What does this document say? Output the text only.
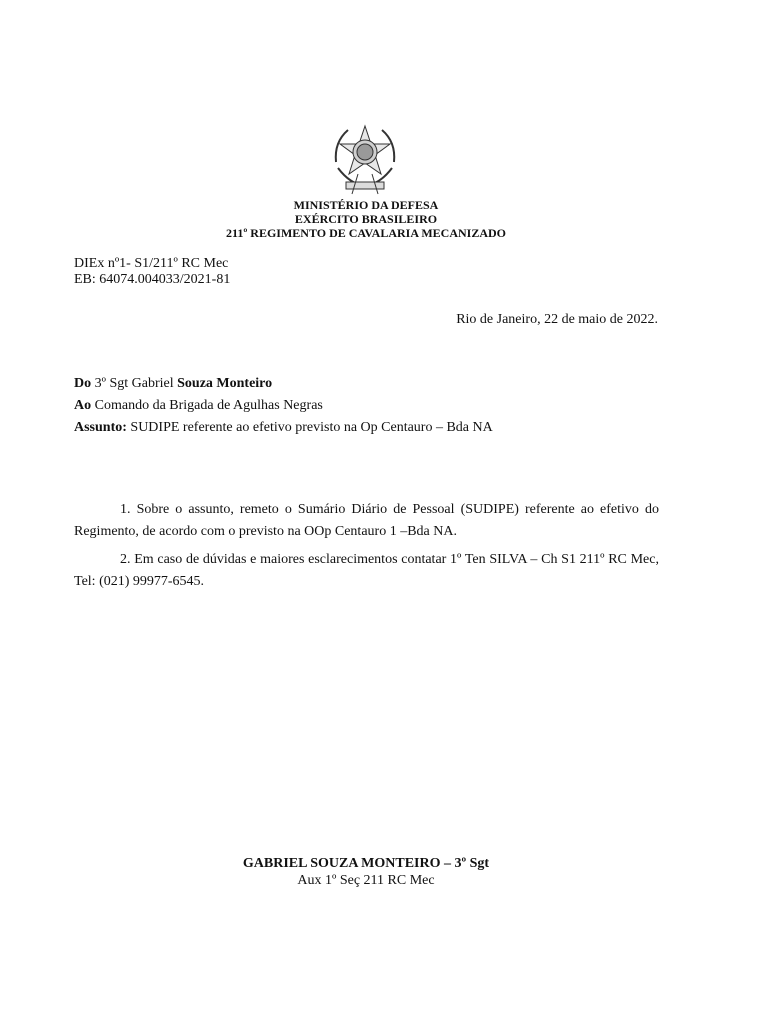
MINISTÉRIO DA DEFESA
EXÉRCITO BRASILEIRO
211º REGIMENTO DE CAVALARIA MECANIZADO
DIEx nº1- S1/211º RC Mec
EB: 64074.004033/2021-81
Rio de Janeiro, 22 de maio de 2022.
Do 3º Sgt Gabriel Souza Monteiro
Ao Comando da Brigada de Agulhas Negras
Assunto: SUDIPE referente ao efetivo previsto na Op Centauro – Bda NA

1. Sobre o assunto, remeto o Sumário Diário de Pessoal (SUDIPE) referente ao efetivo do Regimento, de acordo com o previsto na OOp Centauro 1 –Bda NA.

2. Em caso de dúvidas e maiores esclarecimentos contatar 1º Ten SILVA – Ch S1 211º RC Mec, Tel: (021) 99977-6545.

GABRIEL SOUZA MONTEIRO – 3º Sgt
Aux 1º Seç 211 RC Mec
